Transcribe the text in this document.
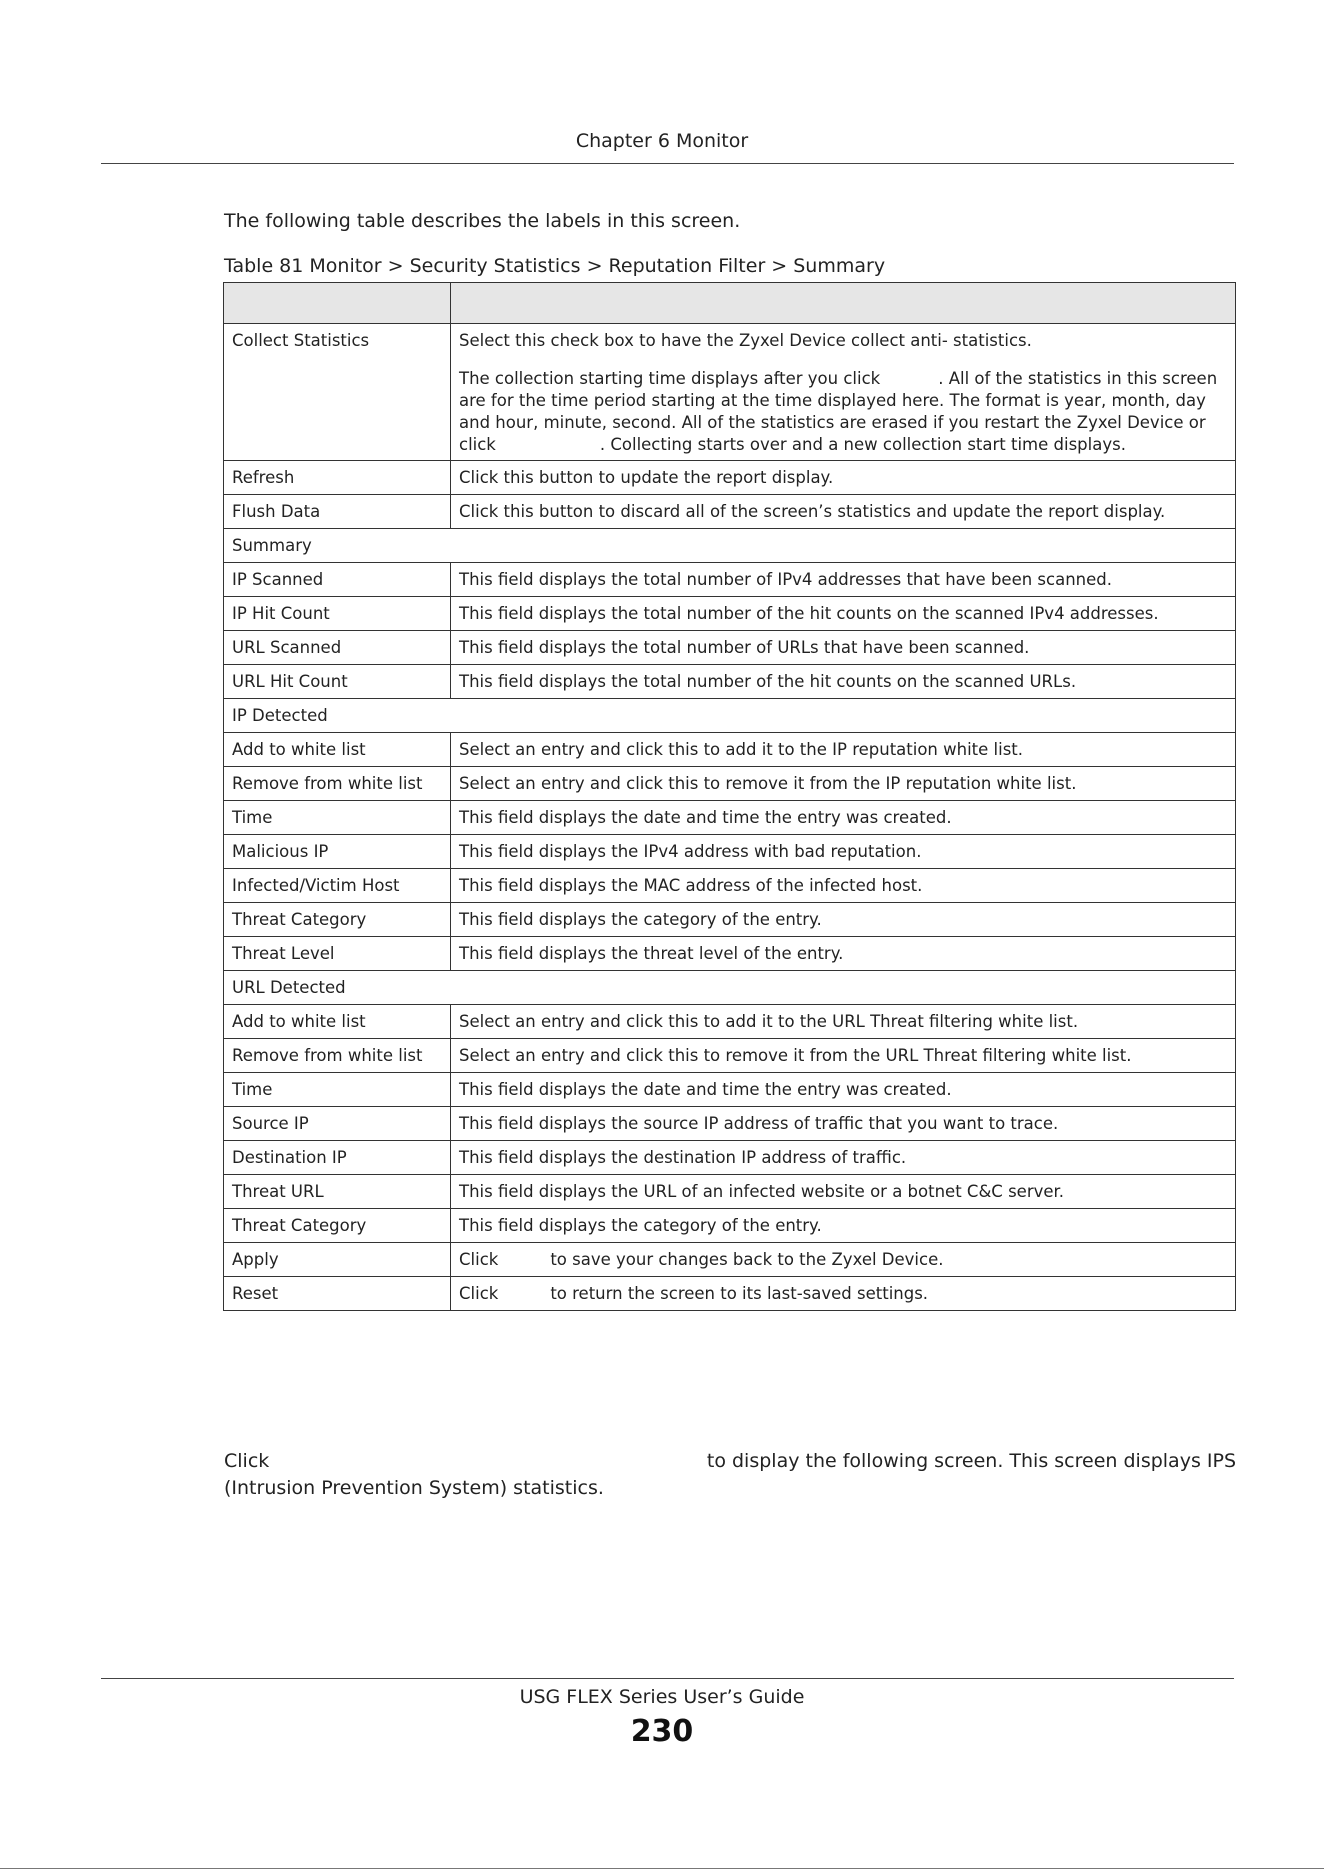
Chapter 6 Monitor
The following table describes the labels in this screen.
Table 81 Monitor > Security Statistics > Reputation Filter > Summary

Collect Statistics	Select this check box to have the Zyxel Device collect anti- statistics.

The collection starting time displays after you click . All of the statistics in this screen are for the time period starting at the time displayed here. The format is year, month, day and hour, minute, second. All of the statistics are erased if you restart the Zyxel Device or click . Collecting starts over and a new collection start time displays.

Refresh	Click this button to update the report display.
Flush Data	Click this button to discard all of the screen’s statistics and update the report display.
Summary	
IP Scanned	This field displays the total number of IPv4 addresses that have been scanned.
IP Hit Count	This field displays the total number of the hit counts on the scanned IPv4 addresses.
URL Scanned	This field displays the total number of URLs that have been scanned.
URL Hit Count	This field displays the total number of the hit counts on the scanned URLs.
IP Detected	
Add to white list	Select an entry and click this to add it to the IP reputation white list.
Remove from white list	Select an entry and click this to remove it from the IP reputation white list.
Time	This field displays the date and time the entry was created.
Malicious IP	This field displays the IPv4 address with bad reputation.
Infected/Victim Host	This field displays the MAC address of the infected host.
Threat Category	This field displays the category of the entry.
Threat Level	This field displays the threat level of the entry.
URL Detected	
Add to white list	Select an entry and click this to add it to the URL Threat filtering white list.
Remove from white list	Select an entry and click this to remove it from the URL Threat filtering white list.
Time	This field displays the date and time the entry was created.
Source IP	This field displays the source IP address of traffic that you want to trace.
Destination IP	This field displays the destination IP address of traffic.
Threat URL	This field displays the URL of an infected website or a botnet C&C server.
Threat Category	This field displays the category of the entry.
Apply	Click to save your changes back to the Zyxel Device.
Reset	Click to return the screen to its last-saved settings.
Click	to display the following screen. This screen displays IPS
(Intrusion Prevention System) statistics.
USG FLEX Series User’s Guide
230
